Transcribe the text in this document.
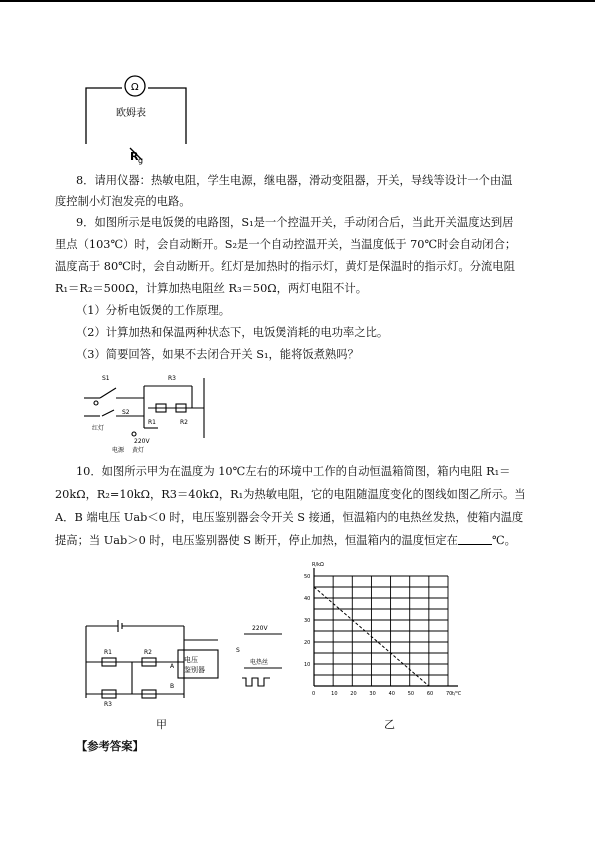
Ω
欧姆表
R g
8．请用仪器：热敏电阻，学生电源，继电器，滑动变阻器，开关，导线等设计一个由温
度控制小灯泡发亮的电路。
9．如图所示是电饭煲的电路图，S₁是一个控温开关，手动闭合后，当此开关温度达到居
里点（103℃）时，会自动断开。S₂是一个自动控温开关，当温度低于 70℃时会自动闭合；
温度高于 80℃时，会自动断开。红灯是加热时的指示灯，黄灯是保温时的指示灯。分流电阻
R₁＝R₂＝500Ω，计算加热电阻丝 R₃＝50Ω，两灯电阻不计。
（1）分析电饭煲的工作原理。
（2）计算加热和保温两种状态下，电饭煲消耗的电功率之比。
（3）简要回答，如果不去闭合开关 S₁，能将饭煮熟吗？
S1
S2
R3
R1	R2
红灯
220V
黄灯
电源
10．如图所示甲为在温度为 10℃左右的环境中工作的自动恒温箱简图，箱内电阻 R₁＝
20kΩ，R₂=10kΩ，R3＝40kΩ，R₁为热敏电阻，它的电阻随温度变化的图线如图乙所示。当
A．B 端电压 Uab＜0 时，电压鉴别器会令开关 S 接通，恒温箱内的电热丝发热，使箱内温度
提高；当 Uab＞0 时，电压鉴别器使 S 断开，停止加热，恒温箱内的温度恒定在	℃。
R1	R2
R3
A
B
电压
鉴别器
S
220V
电热丝
50
40
30
20
10
0	10	20	30	40	50	60	70
R/kΩ
t/℃
甲	乙
【参考答案】
